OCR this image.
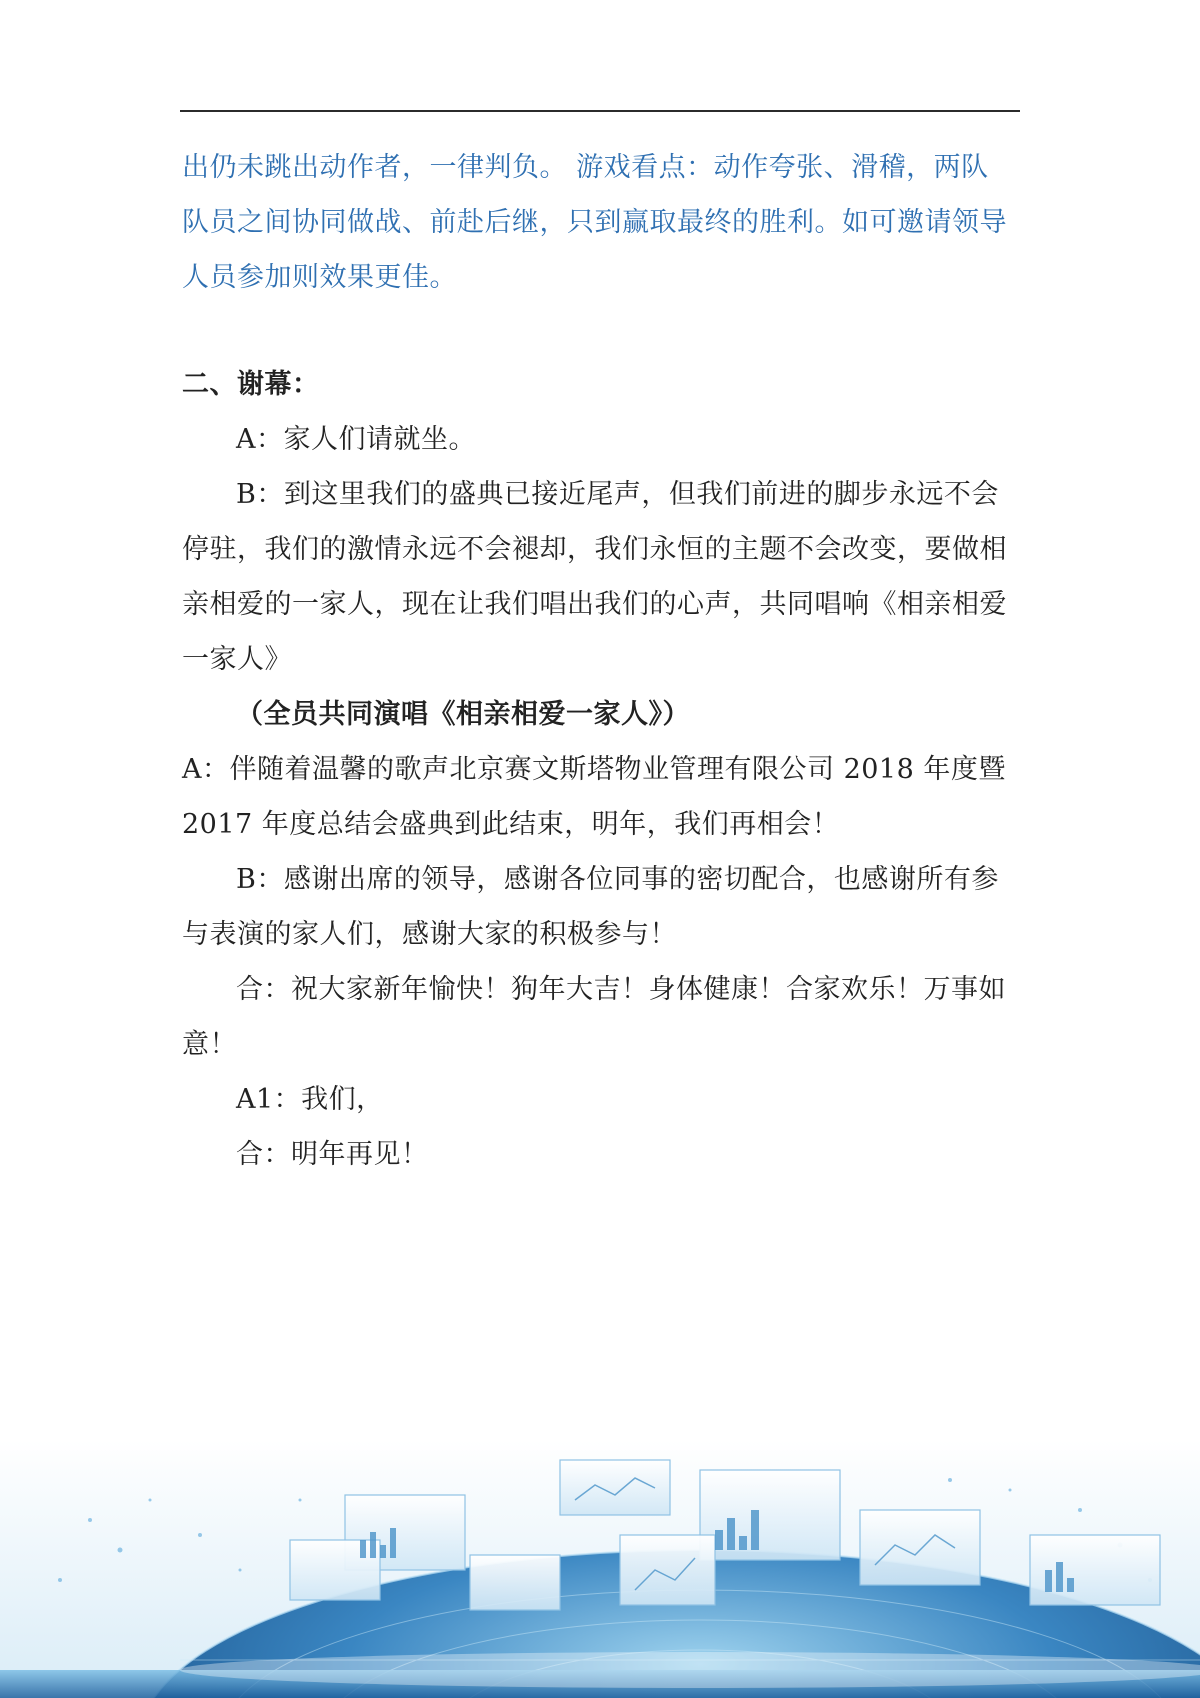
出仍未跳出动作者，一律判负。 游戏看点：动作夸张、滑稽，两队

队员之间协同做战、前赴后继，只到赢取最终的胜利。如可邀请领导

人员参加则效果更佳。

二、谢幕：

A：家人们请就坐。

B：到这里我们的盛典已接近尾声，但我们前进的脚步永远不会

停驻，我们的激情永远不会褪却，我们永恒的主题不会改变，要做相

亲相爱的一家人，现在让我们唱出我们的心声，共同唱响《相亲相爱

一家人》

（全员共同演唱《相亲相爱一家人》）

A：伴随着温馨的歌声北京赛文斯塔物业管理有限公司 2018 年度暨

2017 年度总结会盛典到此结束，明年，我们再相会！

B：感谢出席的领导，感谢各位同事的密切配合，也感谢所有参

与表演的家人们，感谢大家的积极参与！

合：祝大家新年愉快！狗年大吉！身体健康！合家欢乐！万事如

意！

A1：我们，

合：明年再见！
